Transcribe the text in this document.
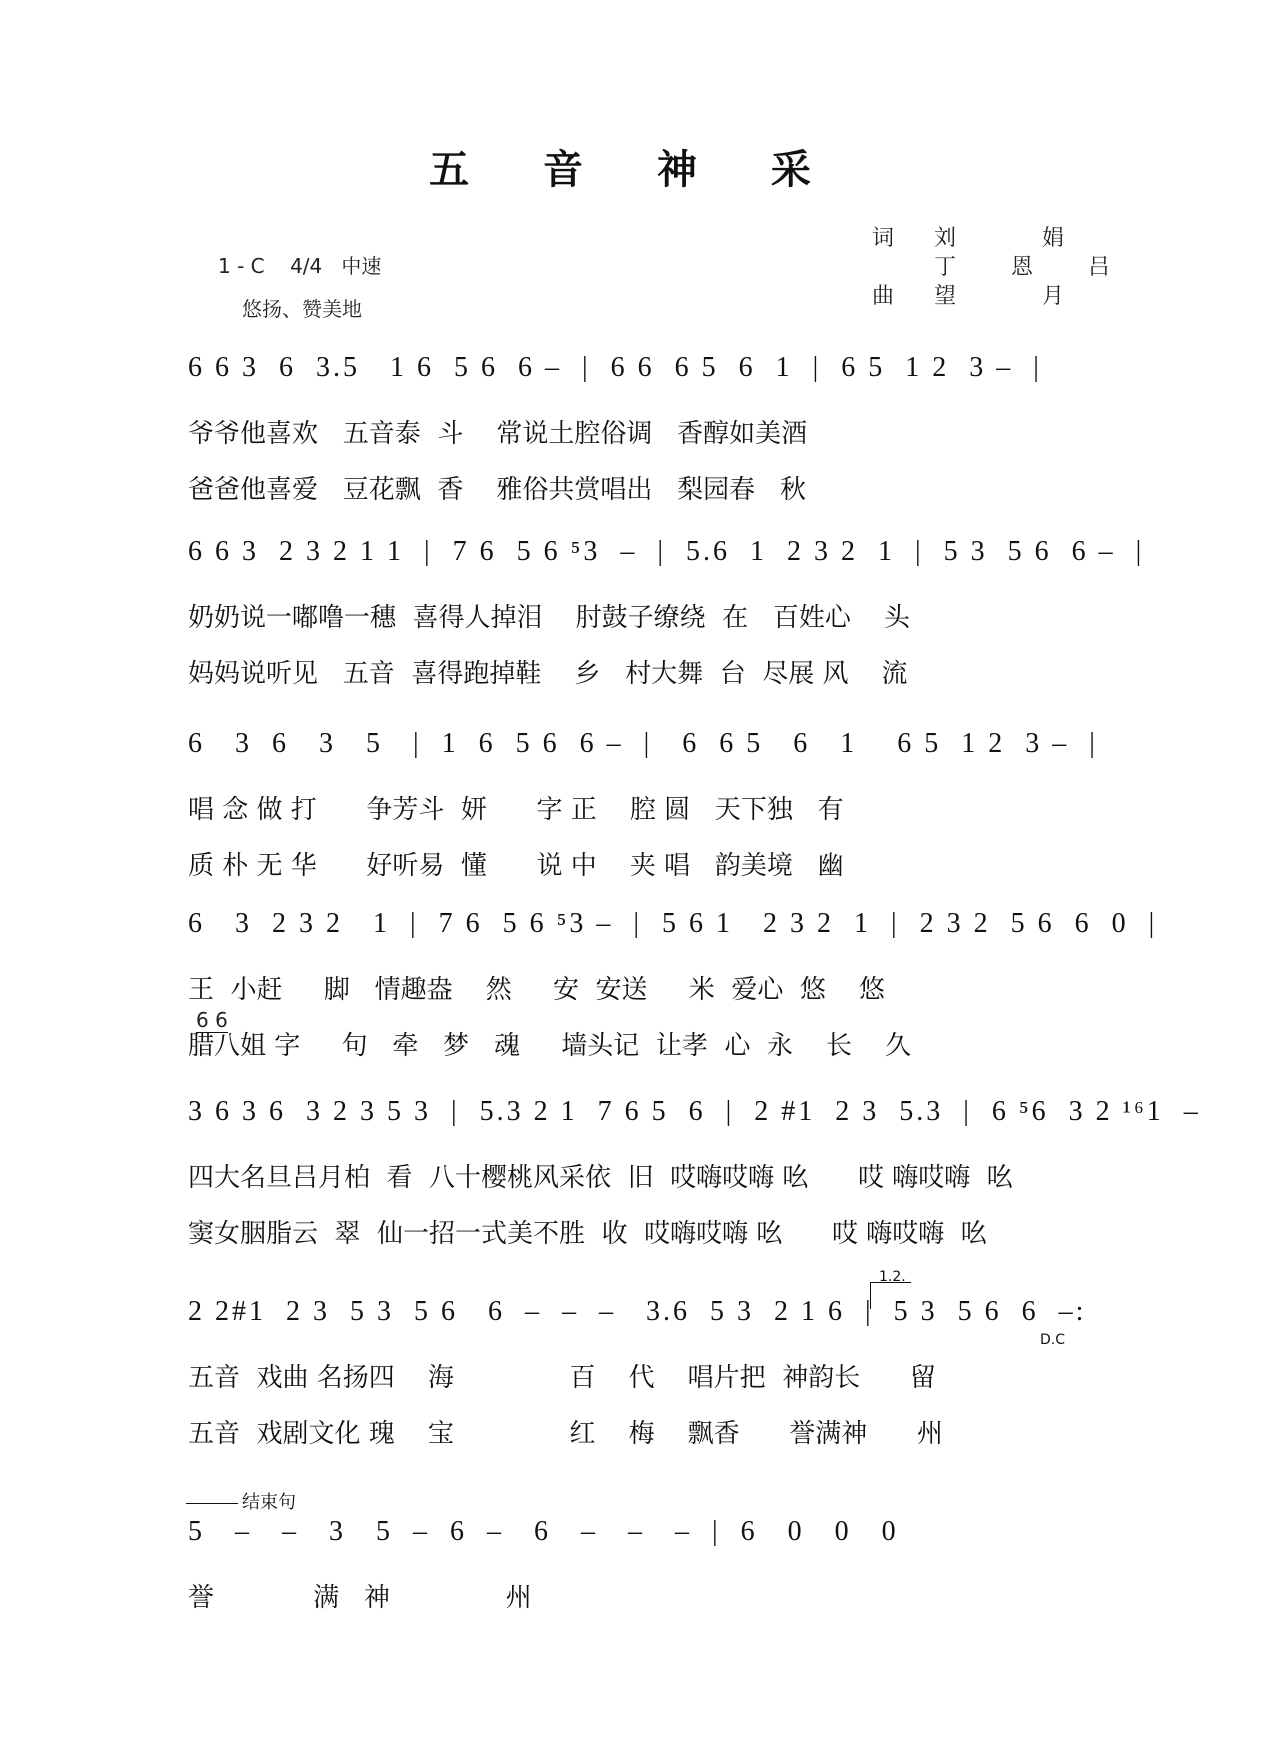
五 音 神 采
1 - C 4/4 中速
悠扬、赞美地
词	刘  娟
丁 恩 吕
曲	望  月
6 6 3  6  3.5   1 6  5 6  6 –  |  6 6  6 5  6  1  |  6 5  1 2  3 –  |
爷爷他喜欢   五音泰  斗    常说土腔俗调   香醇如美酒
爸爸他喜爱   豆花飘  香    雅俗共赏唱出   梨园春   秋
6 6 3  2 3 2 1 1  |  7 6  5 6 ⁵3  –  |  5.6  1  2 3 2  1  |  5 3  5 6  6 –  |
奶奶说一嘟噜一穗  喜得人掉泪    肘鼓子缭绕  在   百姓心    头
妈妈说听见   五音  喜得跑掉鞋    乡   村大舞  台  尽展 风    流
6   3  6   3   5   |  1  6  5 6  6 –  |   6  6 5   6   1    6 5  1 2  3 –  |
唱 念 做 打      争芳斗  妍      字 正    腔 圆   天下独   有
质 朴 无 华      好听易  懂      说 中    夹 唱   韵美境   幽
6   3  2 3 2   1  |  7 6  5 6 ⁵3 –  |  5 6 1   2 3 2  1  |  2 3 2  5 6  6  0  |
王  小赶     脚   情趣盎    然     安  安送     米  爱心  悠    悠
6 6
腊八姐 字     句   牵   梦   魂     墙头记  让孝  心  永    长    久
3 6 3 6  3 2 3 5 3  |  5.3 2 1  7 6 5  6  |  2 #1  2 3  5.3  |  6 ⁵6  3 2 ¹⁶1  –
四大名旦吕月柏  看  八十樱桃风采依  旧  哎嗨哎嗨 吆      哎 嗨哎嗨  吆
窦女胭脂云  翠  仙一招一式美不胜  收  哎嗨哎嗨 吆      哎 嗨哎嗨  吆
1.2.
2 2#1  2 3  5 3  5 6   6  –  –  –   3.6  5 3  2 1 6  |  5 3  5 6  6  –:
D.C
五音  戏曲 名扬四    海              百    代    唱片把  神韵长      留
五音  戏剧文化 瑰    宝              红    梅    飘香      誉满神      州
结束句
5   –   –   3   5  –  6  –   6   –   –   –  |  6   0   0   0
誉            满   神              州
